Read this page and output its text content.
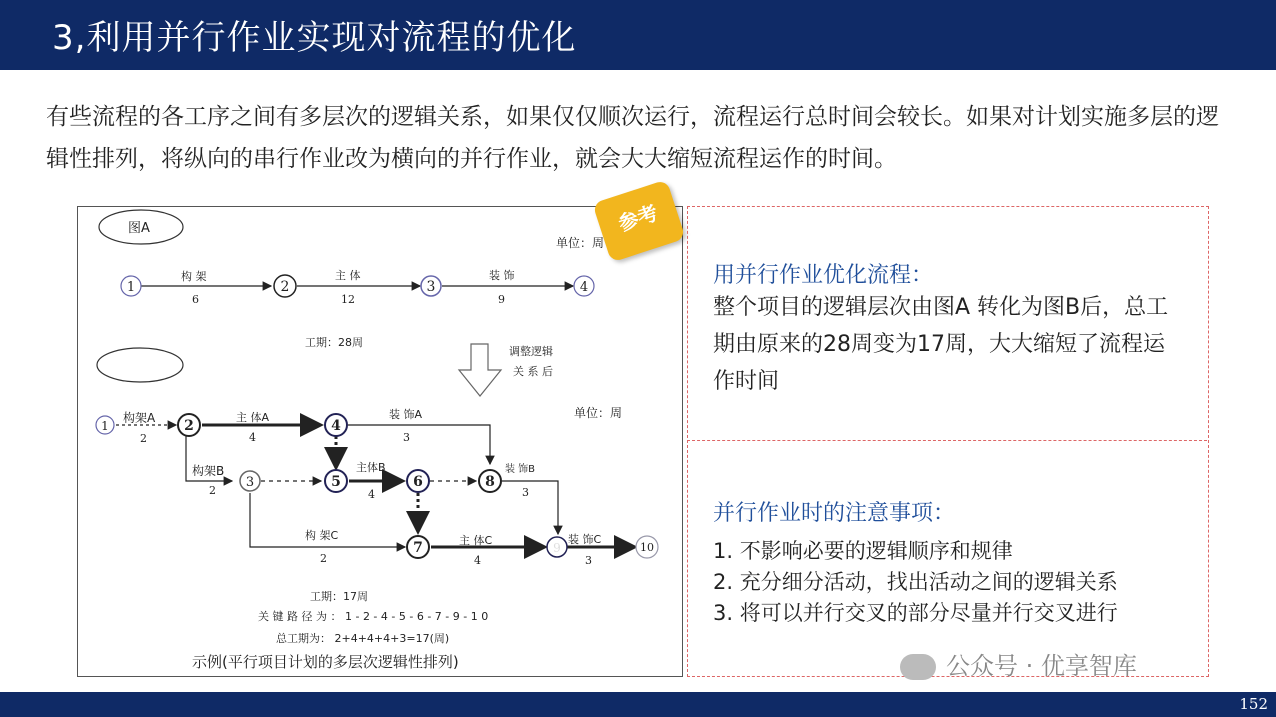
3,利用并行作业实现对流程的优化
有些流程的各工序之间有多层次的逻辑关系，如果仅仅顺次运行，流程运行总时间会较长。如果对计划实施多层的逻辑性排列，将纵向的串行作业改为横向的并行作业，就会大大缩短流程运作的时间。
图A
单位：周
1	2	3	4
构 架
6
主 体
12
装 饰
9
工期：28周
调整逻辑
关 系 后
单位：周
1	2
3
4
5	6
7
8
9	10
构架A
2
主 体A
4
装 饰A
3
构架B
2
主体B
4
装 饰B
3
构 架C
2
主 体C
4
装 饰C
3
工期：17周
关 键 路 径 为 ： 1 - 2 - 4 - 5 - 6 - 7 - 9 - 1 0
总工期为： 2+4+4+4+3=17(周)
示例(平行项目计划的多层次逻辑性排列)
参考
用并行作业优化流程：
整个项目的逻辑层次由图A 转化为图B后，总工期由原来的28周变为17周，大大缩短了流程运作时间
并行作业时的注意事项：
1. 不影响必要的逻辑顺序和规律
2. 充分细分活动，找出活动之间的逻辑关系
3. 将可以并行交叉的部分尽量并行交叉进行
公众号 · 优享智库
152
